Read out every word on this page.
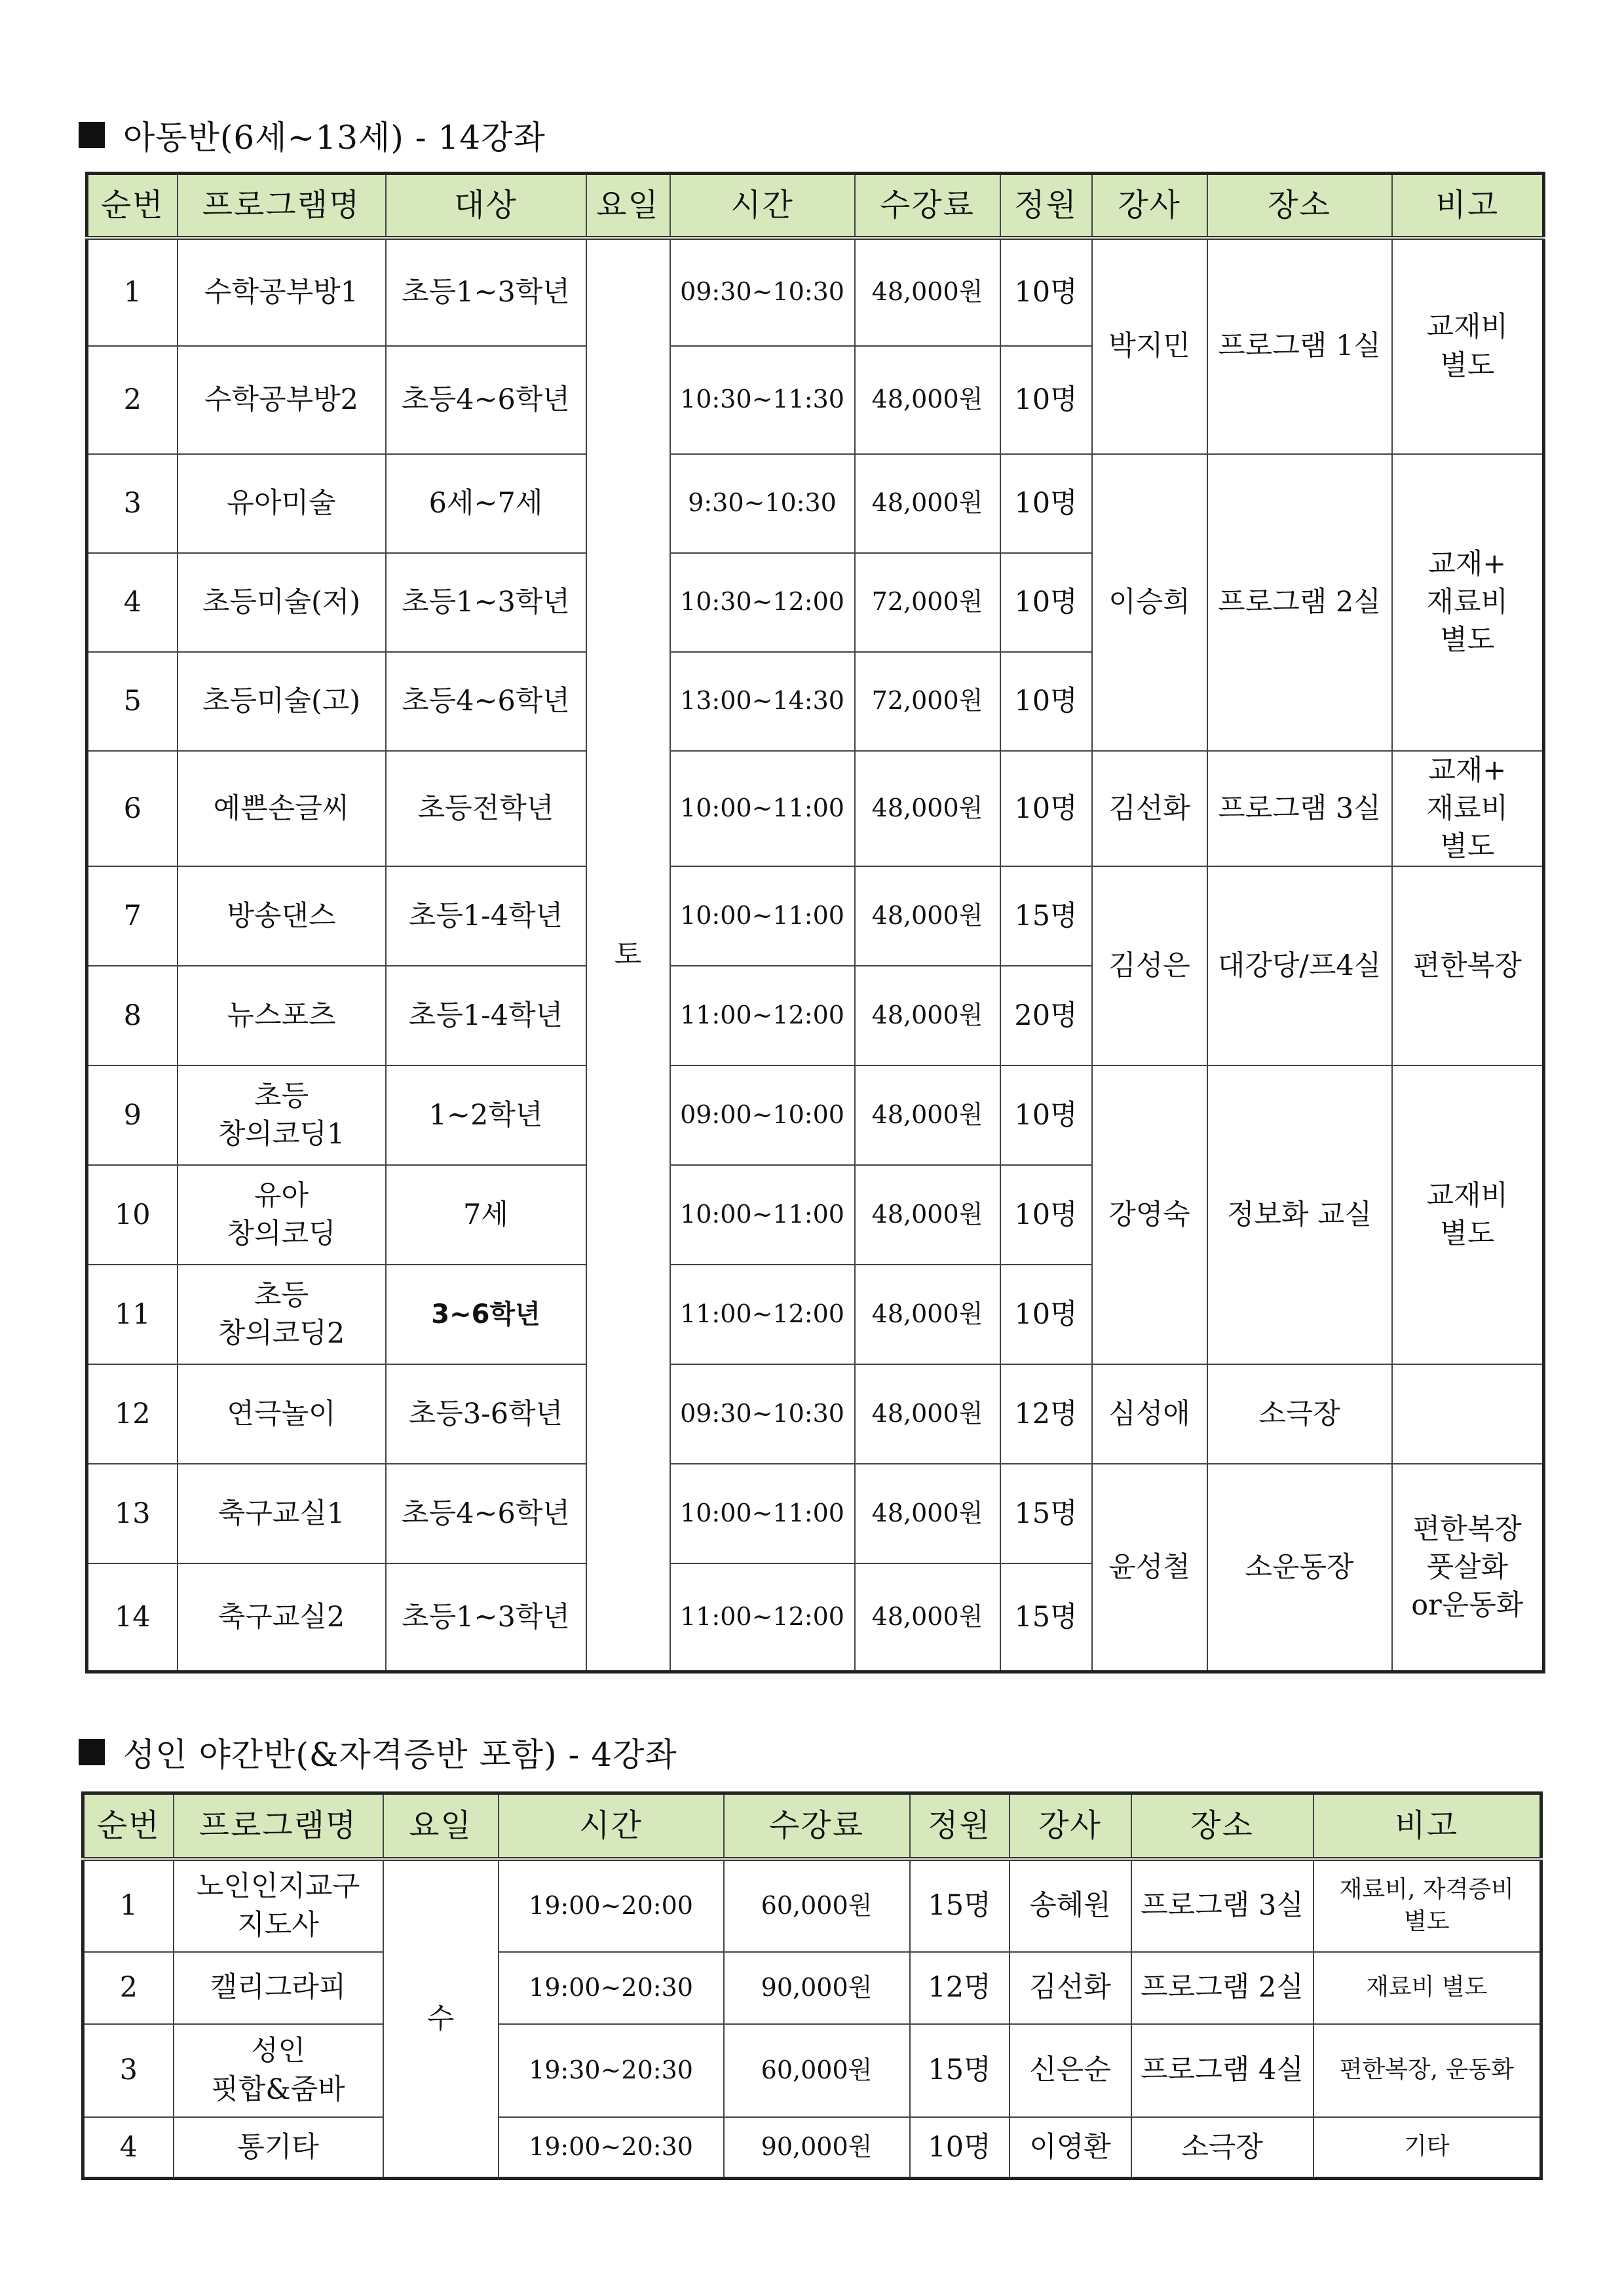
아동반(6세~13세) - 14강좌
순번	프로그램명	대상	요일	시간	수강료	정원	강사	장소	비고
1	수학공부방1	초등1~3학년	토	09:30~10:30	48,000원	10명	박지민	프로그램 1실	교재비
별도
2	수학공부방2	초등4~6학년		10:30~11:30	48,000원	10명			
3	유아미술	6세~7세		9:30~10:30	48,000원	10명	이승희	프로그램 2실	교재+
재료비
별도
4	초등미술(저)	초등1~3학년		10:30~12:00	72,000원	10명			
5	초등미술(고)	초등4~6학년		13:00~14:30	72,000원	10명			
6	예쁜손글씨	초등전학년		10:00~11:00	48,000원	10명	김선화	프로그램 3실	교재+
재료비
별도
7	방송댄스	초등1-4학년		10:00~11:00	48,000원	15명	김성은	대강당/프4실	편한복장
8	뉴스포츠	초등1-4학년		11:00~12:00	48,000원	20명			
9	초등
창의코딩1	1~2학년		09:00~10:00	48,000원	10명	강영숙	정보화 교실	교재비
별도
10	유아
창의코딩	7세		10:00~11:00	48,000원	10명			
11	초등
창의코딩2	3~6학년		11:00~12:00	48,000원	10명			
12	연극놀이	초등3-6학년		09:30~10:30	48,000원	12명	심성애	소극장	
13	축구교실1	초등4~6학년		10:00~11:00	48,000원	15명	윤성철	소운동장	편한복장
풋살화
or운동화
14	축구교실2	초등1~3학년		11:00~12:00	48,000원	15명			
성인 야간반(&자격증반 포함) - 4강좌
순번	프로그램명	요일	시간	수강료	정원	강사	장소	비고
1	노인인지교구
지도사	수	19:00~20:00	60,000원	15명	송혜원	프로그램 3실	재료비, 자격증비
별도
2	캘리그라피		19:00~20:30	90,000원	12명	김선화	프로그램 2실	재료비 별도
3	성인
핏합&줌바		19:30~20:30	60,000원	15명	신은순	프로그램 4실	편한복장, 운동화
4	통기타		19:00~20:30	90,000원	10명	이영환	소극장	기타
